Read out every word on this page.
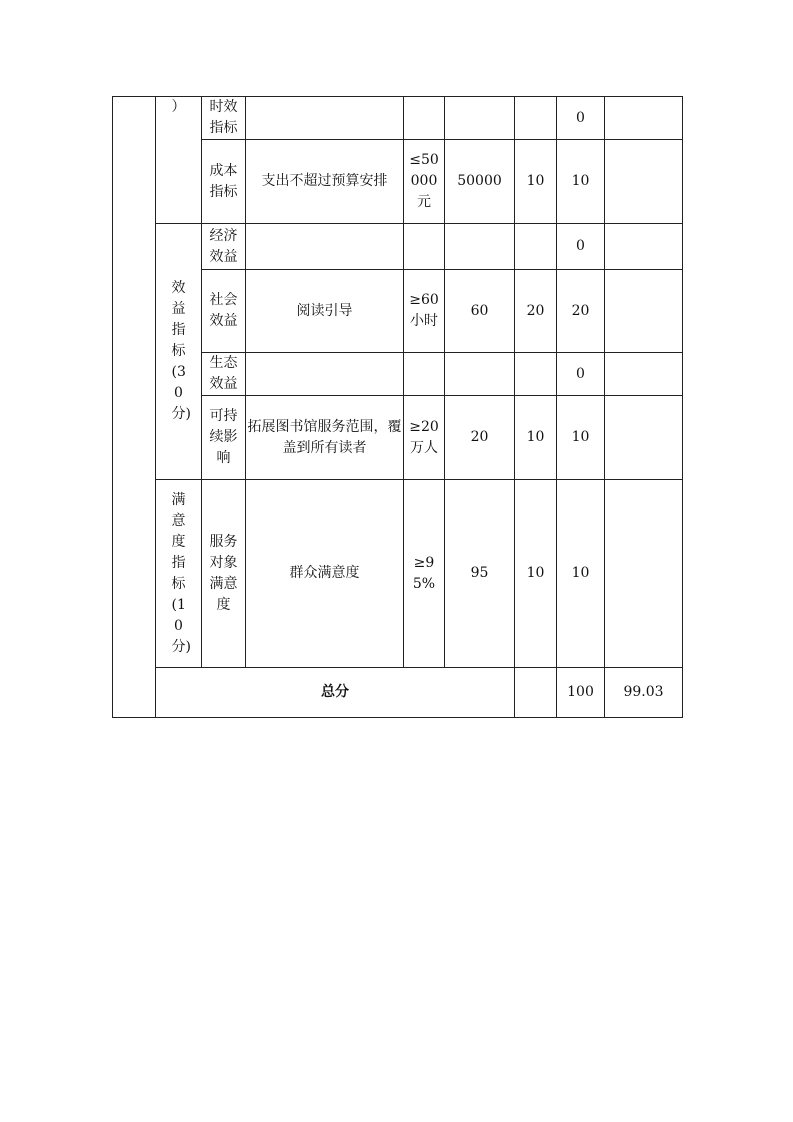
	）	时效指标					0		

		成本指标	支出不超过预算安排	≤50000元	50000	10	10		

	效益指标(30分)	经济效益					0		

		社会效益	阅读引导	≥60小时	60	20	20		

		生态效益					0		

		可持续影响	拓展图书馆服务范围，覆盖到所有读者	≥20万人	20	10	10		

	满意度指标(10分)	服务对象满意度	群众满意度	≥95%	95	10	10		
	总分						100	99.03	
